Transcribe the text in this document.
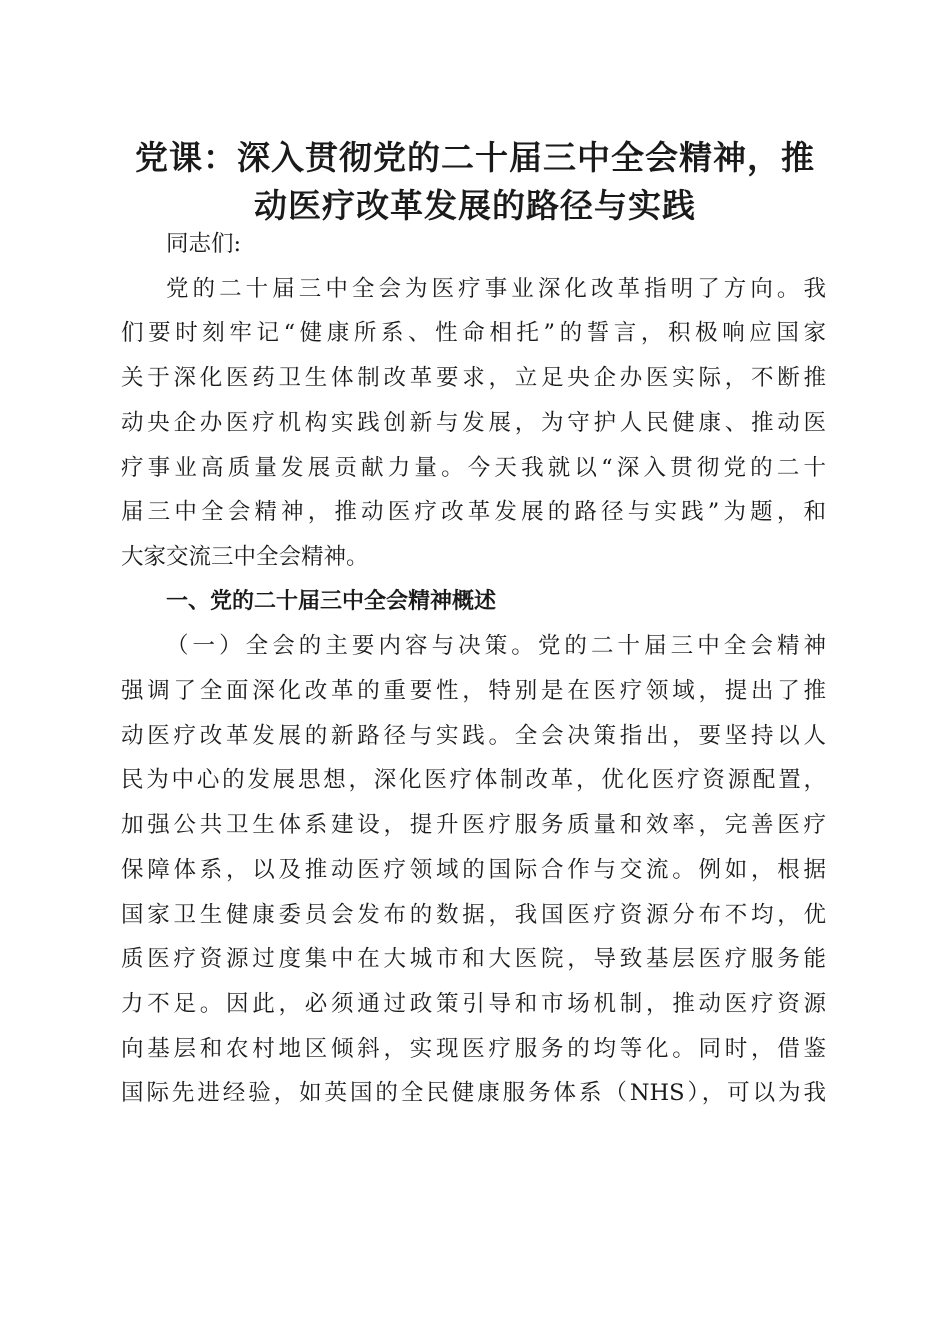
党课：深入贯彻党的二十届三中全会精神，推
动医疗改革发展的路径与实践
同志们:
党的二十届三中全会为医疗事业深化改革指明了方向。我
们要时刻牢记“健康所系、性命相托”的誓言，积极响应国家
关于深化医药卫生体制改革要求，立足央企办医实际，不断推
动央企办医疗机构实践创新与发展，为守护人民健康、推动医
疗事业高质量发展贡献力量。今天我就以“深入贯彻党的二十
届三中全会精神，推动医疗改革发展的路径与实践”为题，和
大家交流三中全会精神。
一、党的二十届三中全会精神概述
（一）全会的主要内容与决策。党的二十届三中全会精神
强调了全面深化改革的重要性，特别是在医疗领域，提出了推
动医疗改革发展的新路径与实践。全会决策指出，要坚持以人
民为中心的发展思想，深化医疗体制改革，优化医疗资源配置，
加强公共卫生体系建设，提升医疗服务质量和效率，完善医疗
保障体系，以及推动医疗领域的国际合作与交流。例如，根据
国家卫生健康委员会发布的数据，我国医疗资源分布不均，优
质医疗资源过度集中在大城市和大医院，导致基层医疗服务能
力不足。因此，必须通过政策引导和市场机制，推动医疗资源
向基层和农村地区倾斜，实现医疗服务的均等化。同时，借鉴
国际先进经验，如英国的全民健康服务体系（NHS），可以为我
